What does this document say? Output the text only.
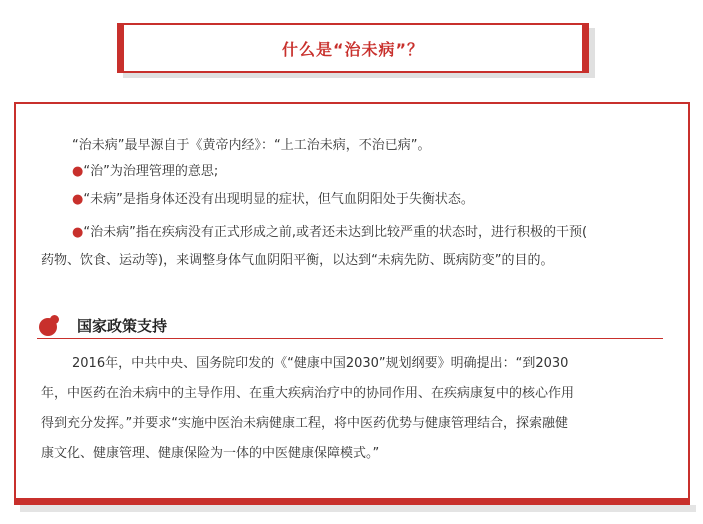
什么是“治未病”？
“治未病”最早源自于《黄帝内经》：“上工治未病，不治已病”。
●“治”为治理管理的意思;
●“未病”是指身体还没有出现明显的症状，但气血阴阳处于失衡状态。
●“治未病”指在疾病没有正式形成之前,或者还未达到比较严重的状态时，进行积极的干预(
药物、饮食、运动等)，来调整身体气血阴阳平衡，以达到“未病先防、既病防变”的目的。
国家政策支持
2016年，中共中央、国务院印发的《“健康中国2030”规划纲要》明确提出：“到2030
年，中医药在治未病中的主导作用、在重大疾病治疗中的协同作用、在疾病康复中的核心作用
得到充分发挥。”并要求“实施中医治未病健康工程，将中医药优势与健康管理结合，探索融健
康文化、健康管理、健康保险为一体的中医健康保障模式。”
